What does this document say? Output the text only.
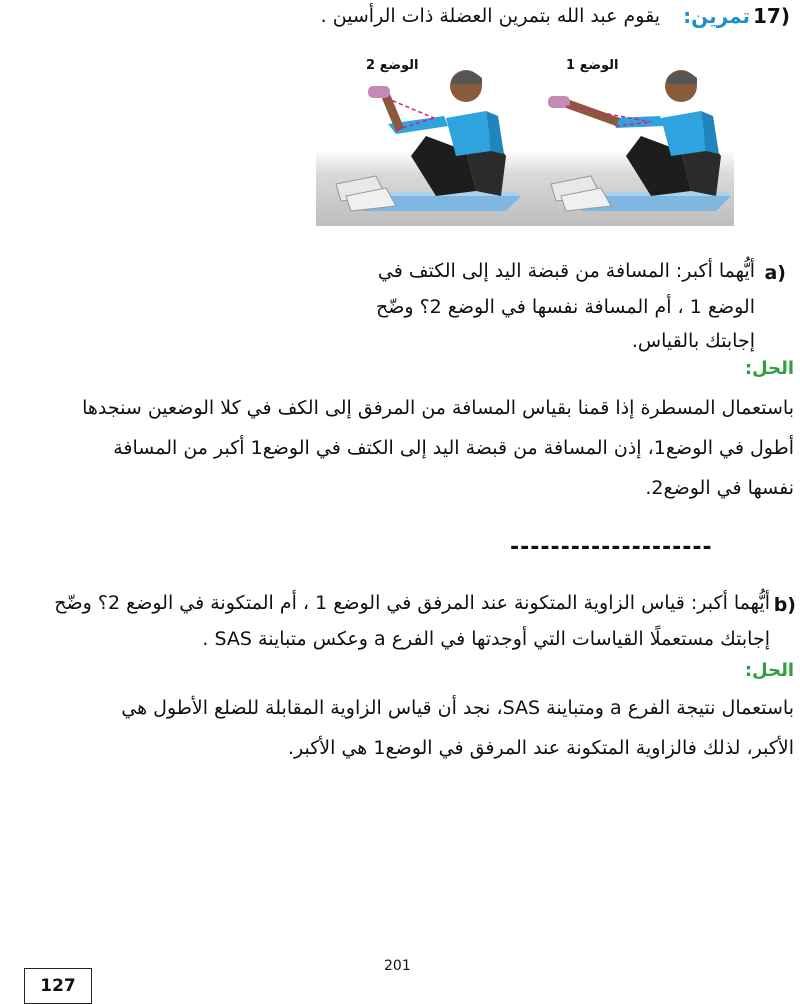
17)
تمرين:
يقوم عبد الله بتمرين العضلة ذات الرأسين .
الوضع 2	الوضع 1
a)
أيُّهما أكبر: المسافة من قبضة اليد إلى الكتف في
الوضع 1 ، أم المسافة نفسها في الوضع 2؟ وضّح
إجابتك بالقياس.
الحل:
باستعمال المسطرة إذا قمنا بقياس المسافة من المرفق إلى الكف في كلا الوضعين سنجدها
أطول في الوضع1، إذن المسافة من قبضة اليد إلى الكتف في الوضع1 أكبر من المسافة
نفسها في الوضع2.
--------------------
b)
أيُّهما أكبر: قياس الزاوية المتكونة عند المرفق في الوضع 1 ، أم المتكونة في الوضع 2؟ وضّح
إجابتك مستعملًا القياسات التي أوجدتها في الفرع a وعكس متباينة SAS .
الحل:
باستعمال نتيجة الفرع a ومتباينة SAS، نجد أن قياس الزاوية المقابلة للضلع الأطول هي
الأكبر، لذلك فالزاوية المتكونة عند المرفق في الوضع1 هي الأكبر.
201
127
